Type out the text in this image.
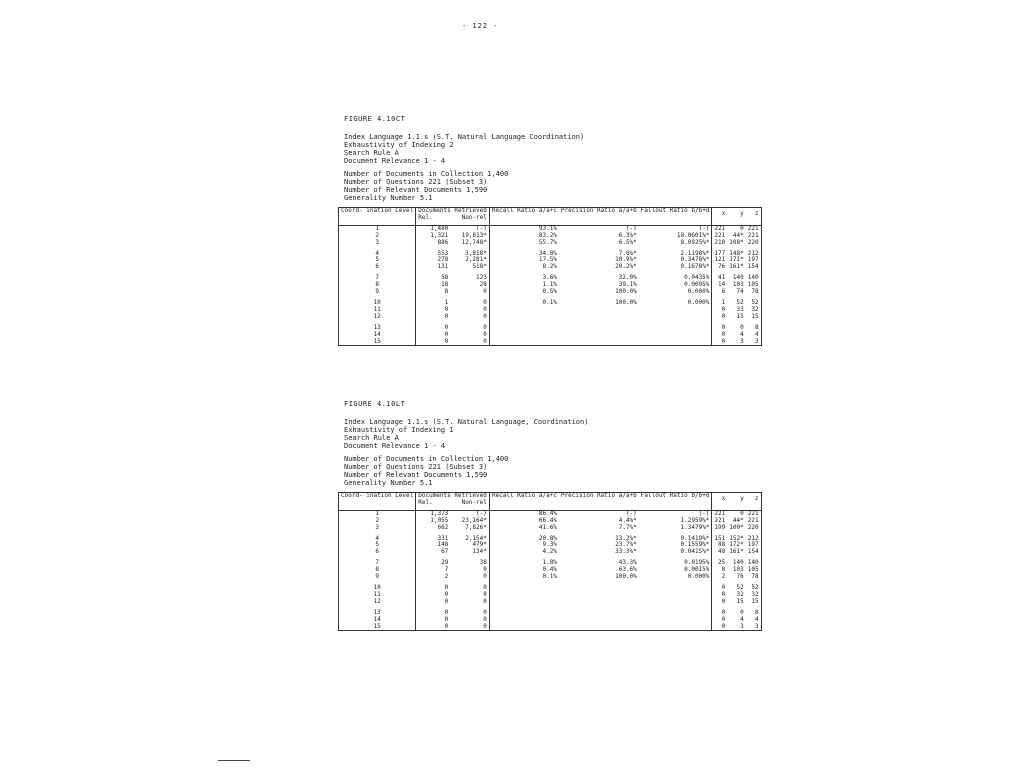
- 122 -
FIGURE 4.10CT
Index Language 1.1.s (S.T. Natural Language Coordination)
Exhaustivity of Indexing 2
Search Rule A
Document Relevance 1 - 4
Number of Documents in Collection 1,400
Number of Questions 221 (Subset 3)
Number of Relevant Documents 1,590
Generality Number 5.1
Coord- ination Level	Documents Retrieved
Rel. Non-rel		Recall Ratio a/a+c	Precision Ratio a/a+b	Fallout Ratio b/b+d	x	y	z
1	1,480	(-)	93.1%	(-)	(-)	221	0	221
2	1,321	19,813*	83.2%	6.3%*	18.0601%*	221	44*	221
3	886	12,748*	55.7%	6.5%*	8.0925%*	210	108*	220
4	553	3,818*	34.8%	7.6%*	2.1198%*	177	148*	212
5	278	2,281*	17.5%	10.9%*	0.3478%*	121	171*	197
6	131	518*	8.2%	20.2%*	0.1678%*	76	161*	154
7	58	123	3.6%	32.0%	0.0435%	41	140	140
8	18	28	1.1%	39.1%	0.0095%	14	103	105
9	8	0	0.5%	100.0%	0.000%	6	74	78
10	1	0	0.1%	100.0%	0.000%	1	52	52
11	0	0				0	33	32
12	0	0				0	15	15
13	0	0				0	0	8
14	0	0				0	4	4
15	0	0				0	3	3
FIGURE 4.10LT
Index Language 1.1.s (S.T. Natural Language, Coordination)
Exhaustivity of Indexing 1
Search Rule A
Document Relevance 1 - 4
Number of Documents in Collection 1,400
Number of Questions 221 (Subset 3)
Number of Relevant Documents 1,590
Generality Number 5.1
Coord- ination Level	Documents Retrieved
Rel. Non-rel		Recall Ratio a/a+c	Precision Ratio a/a+b	Fallout Ratio b/b+d	x	y	z
1	1,373	(-)	86.4%	(-)	(-)	221	0	221
2	1,055	23,164*	66.4%	4.4%*	1.2959%*	221	44*	221
3	662	7,826*	41.6%	7.7%*	1.3479%*	199	100*	220
4	331	2,154*	20.8%	13.2%*	0.1419%*	151	152*	212
5	148	479*	9.3%	23.7%*	0.1559%*	88	172*	197
6	67	134*	4.2%	33.3%*	0.0415%*	48	161*	154
7	29	38	1.8%	43.3%	0.0195%	25	140	140
8	7	0	0.4%	63.6%	0.0015%	8	103	105
9	2	0	0.1%	100.0%	0.000%	2	76	78
10	0	0				0	52	52
11	0	0				0	32	32
12	0	0				0	15	15
13	0	0				0	0	8
14	0	0				0	4	4
15	0	0				0	3	3
